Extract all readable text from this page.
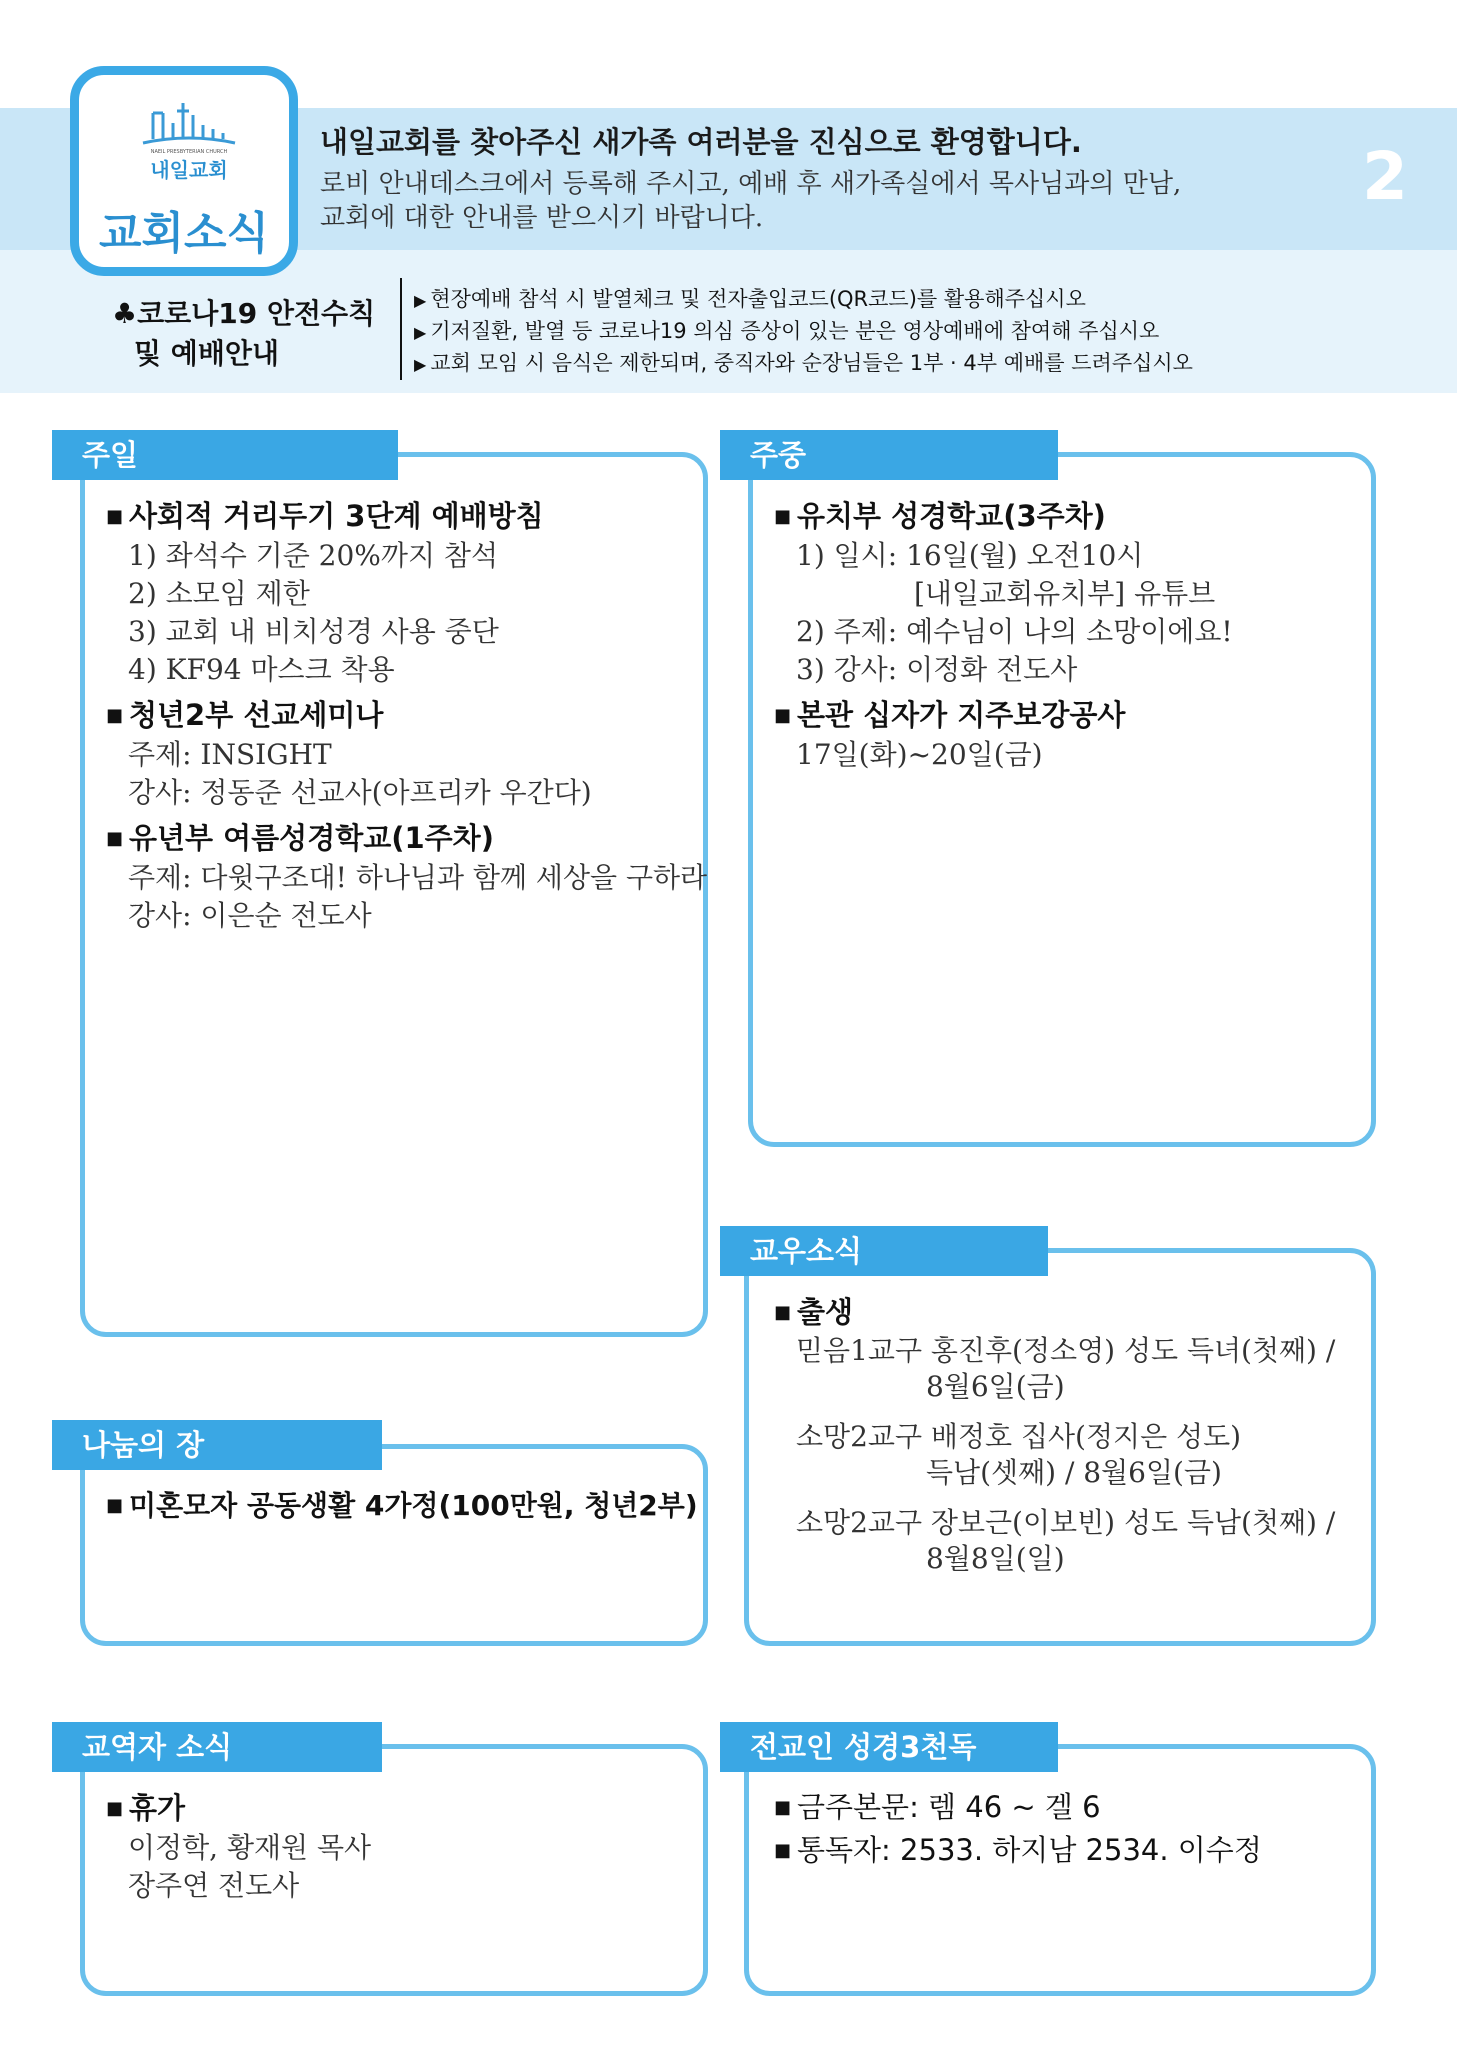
NAEIL PRESBYTERIAN CHURCH
내일교회
교회소식
내일교회를 찾아주신 새가족 여러분을 진심으로 환영합니다.

로비 안내데스크에서 등록해 주시고, 예배 후 새가족실에서 목사님과의 만남,

교회에 대한 안내를 받으시기 바랍니다.

2
♣코로나19 안전수칙
및 예배안내
▶ 현장예배 참석 시 발열체크 및 전자출입코드(QR코드)를 활용해주십시오
▶ 기저질환, 발열 등 코로나19 의심 증상이 있는 분은 영상예배에 참여해 주십시오
▶ 교회 모임 시 음식은 제한되며, 중직자와 순장님들은 1부 · 4부 예배를 드려주십시오
주일
■ 사회적 거리두기 3단계 예배방침
1) 좌석수 기준 20%까지 참석
2) 소모임 제한
3) 교회 내 비치성경 사용 중단
4) KF94 마스크 착용
■ 청년2부 선교세미나
주제: INSIGHT
강사: 정동준 선교사(아프리카 우간다)
■ 유년부 여름성경학교(1주차)
주제: 다윗구조대! 하나님과 함께 세상을 구하라
강사: 이은순 전도사
주중
■ 유치부 성경학교(3주차)
1) 일시: 16일(월) 오전10시
[내일교회유치부] 유튜브
2) 주제: 예수님이 나의 소망이에요!
3) 강사: 이정화 전도사
■ 본관 십자가 지주보강공사
17일(화)~20일(금)
교우소식
■ 출생
믿음1교구 홍진후(정소영) 성도 득녀(첫째) /
8월6일(금)
소망2교구 배정호 집사(정지은 성도)
득남(셋째) / 8월6일(금)
소망2교구 장보근(이보빈) 성도 득남(첫째) /
8월8일(일)
나눔의 장
■ 미혼모자 공동생활 4가정(100만원, 청년2부)
교역자 소식
■ 휴가
이정학, 황재원 목사
장주연 전도사
전교인 성경3천독
■ 금주본문: 렘 46 ~ 겔 6
■ 통독자: 2533. 하지남 2534. 이수정
